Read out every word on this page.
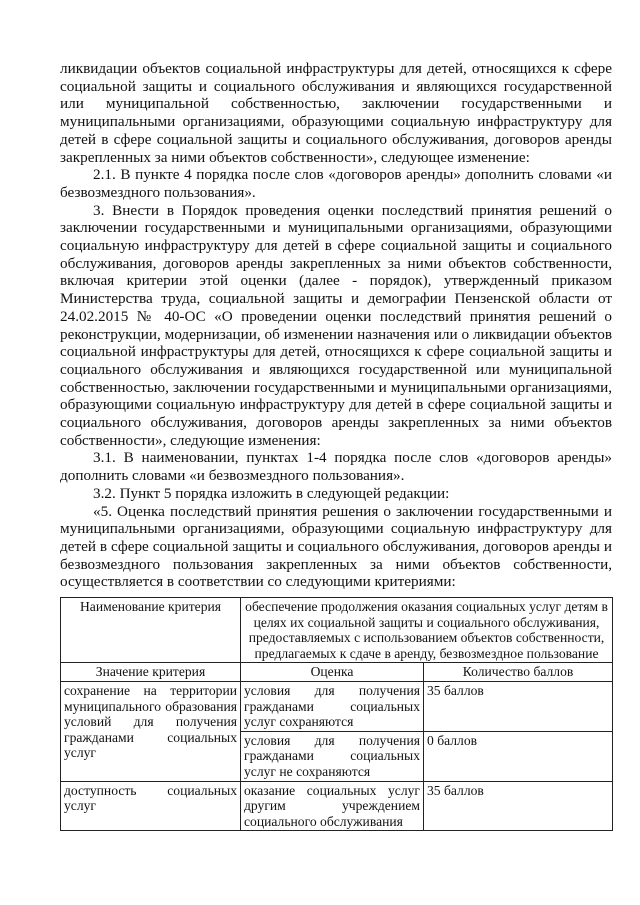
ликвидации объектов социальной инфраструктуры для детей, относящихся к сфере социальной защиты и социального обслуживания и являющихся государственной или муниципальной собственностью, заключении государственными и муниципальными организациями, образующими социальную инфраструктуру для детей в сфере социальной защиты и социального обслуживания, договоров аренды закрепленных за ними объектов собственности», следующее изменение:

2.1. В пункте 4 порядка после слов «договоров аренды» дополнить словами «и безвозмездного пользования».

3. Внести в Порядок проведения оценки последствий принятия решений о заключении государственными и муниципальными организациями, образующими социальную инфраструктуру для детей в сфере социальной защиты и социального обслуживания, договоров аренды закрепленных за ними объектов собственности, включая критерии этой оценки (далее - порядок), утвержденный приказом Министерства труда, социальной защиты и демографии Пензенской области от 24.02.2015 № 40-ОС «О проведении оценки последствий принятия решений о реконструкции, модернизации, об изменении назначения или о ликвидации объектов социальной инфраструктуры для детей, относящихся к сфере социальной защиты и социального обслуживания и являющихся государственной или муниципальной собственностью, заключении государственными и муниципальными организациями, образующими социальную инфраструктуру для детей в сфере социальной защиты и социального обслуживания, договоров аренды закрепленных за ними объектов собственности», следующие изменения:

3.1. В наименовании, пунктах 1-4 порядка после слов «договоров аренды» дополнить словами «и безвозмездного пользования».

3.2. Пункт 5 порядка изложить в следующей редакции:

«5. Оценка последствий принятия решения о заключении государственными и муниципальными организациями, образующими социальную инфраструктуру для детей в сфере социальной защиты и социального обслуживания, договоров аренды и безвозмездного пользования закрепленных за ними объектов собственности, осуществляется в соответствии со следующими критериями:

Наименование критерия	обеспечение продолжения оказания социальных услуг детям в целях их социальной защиты и социального обслуживания, предоставляемых с использованием объектов собственности, предлагаемых к сдаче в аренду, безвозмездное пользование	
Значение критерия	Оценка	Количество баллов
сохранение на территории муниципального образования условий для получения гражданами социальных услуг	условия для получения гражданами социальных услуг сохраняются	35 баллов
	условия для получения гражданами социальных услуг не сохраняются	0 баллов
доступность социальных услуг	оказание социальных услуг другим учреждением социального обслуживания	35 баллов
